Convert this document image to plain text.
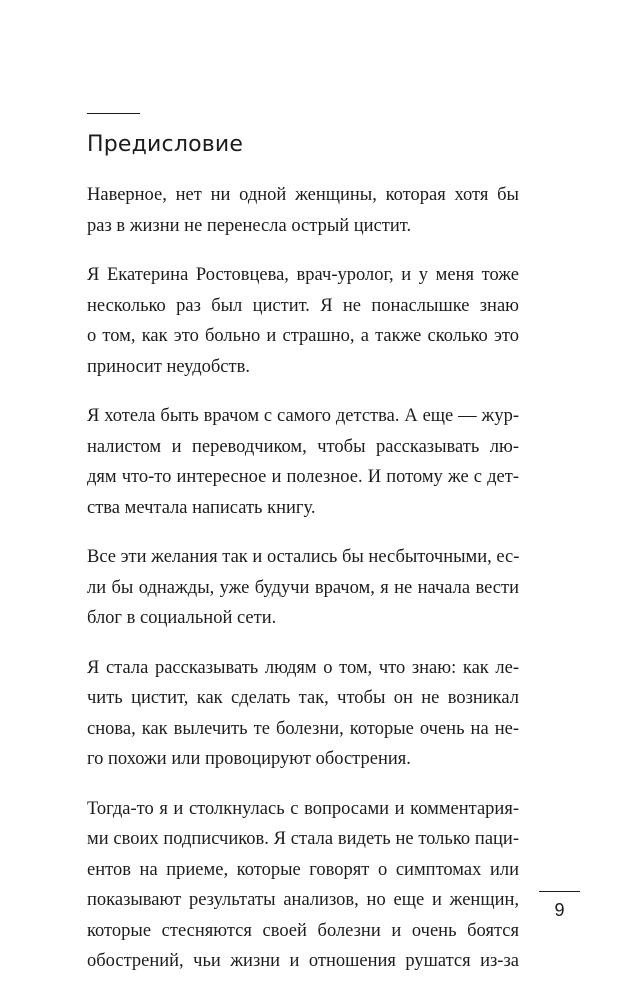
Предисловие

Наверное, нет ни одной женщины, которая хотя бы
раз в жизни не перенесла острый цистит.

Я Екатерина Ростовцева, врач-уролог, и у меня тоже
несколько раз был цистит. Я не понаслышке знаю
о том, как это больно и страшно, а также сколько это
приносит неудобств.

Я хотела быть врачом с самого детства. А еще — жур-
налистом и переводчиком, чтобы рассказывать лю-
дям что-то интересное и полезное. И потому же с дет-
ства мечтала написать книгу.

Все эти желания так и остались бы несбыточными, ес-
ли бы однажды, уже будучи врачом, я не начала вести
блог в социальной сети.

Я стала рассказывать людям о том, что знаю: как ле-
чить цистит, как сделать так, чтобы он не возникал
снова, как вылечить те болезни, которые очень на не-
го похожи или провоцируют обострения.

Тогда-то я и столкнулась с вопросами и комментария-
ми своих подписчиков. Я стала видеть не только паци-
ентов на приеме, которые говорят о симптомах или
показывают результаты анализов, но еще и женщин,
которые стесняются своей болезни и очень боятся
обострений, чьи жизни и отношения рушатся из-за

9
